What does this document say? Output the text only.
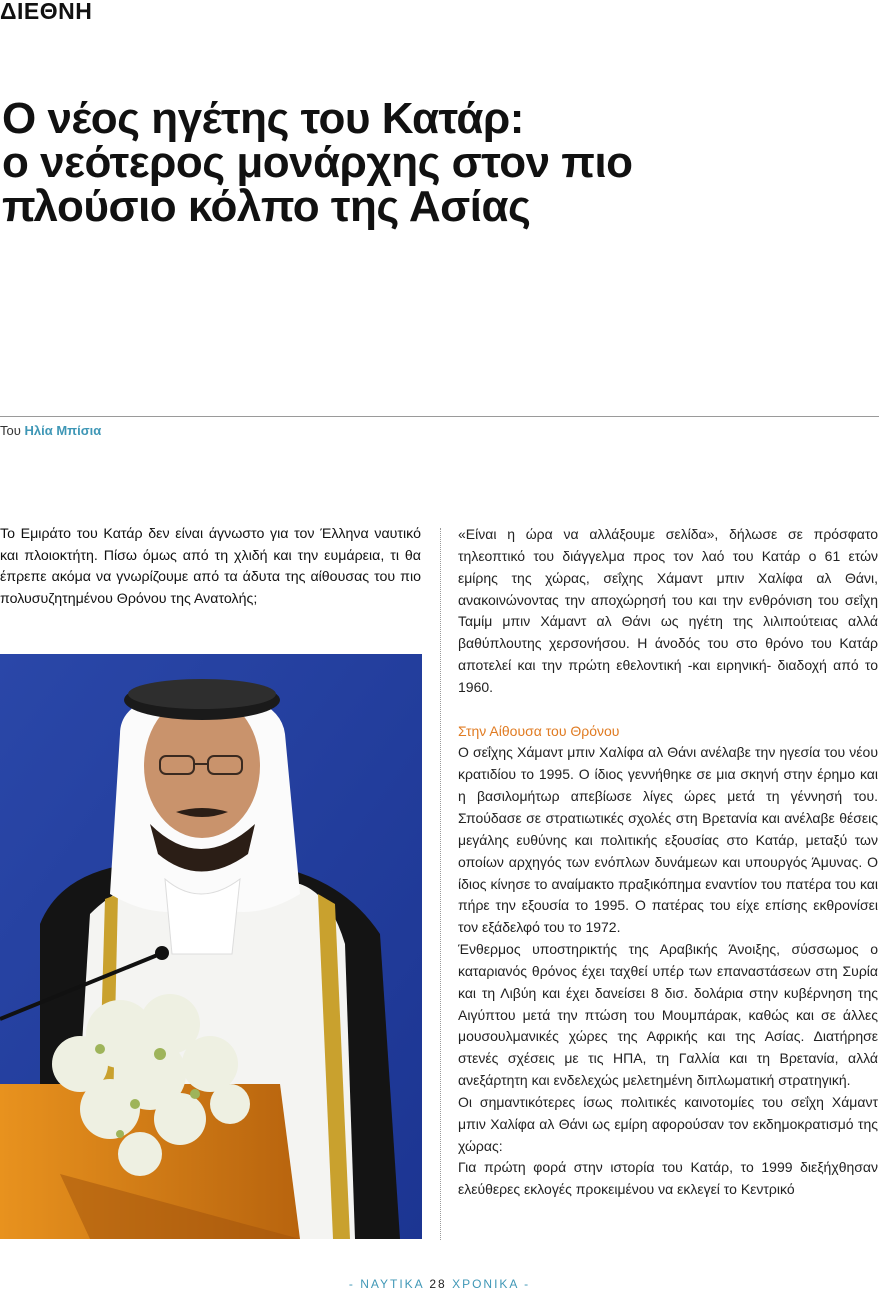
ΔΙΕΘΝΗ
Ο νέος ηγέτης του Κατάρ:
ο νεότερος μονάρχης στον πιο
πλούσιο κόλπο της Ασίας
Του Ηλία Μπίσια

Το Εμιράτο του Κατάρ δεν είναι άγνωστο για τον Έλληνα ναυτικό και πλοιοκτήτη. Πίσω όμως από τη χλιδή και την ευμάρεια, τι θα έπρεπε ακόμα να γνωρίζουμε από τα άδυτα της αίθουσας του πιο πολυσυζητημένου Θρόνου της Ανατολής;

«Είναι η ώρα να αλλάξουμε σελίδα», δήλωσε σε πρόσφατο τηλεοπτικό του διάγγελμα προς τον λαό του Κατάρ ο 61 ετών εμίρης της χώρας, σεΐχης Χάμαντ μπιν Χαλίφα αλ Θάνι, ανακοινώνοντας την αποχώρησή του και την ενθρόνιση του σεΐχη Ταμίμ μπιν Χάμαντ αλ Θάνι ως ηγέτη της λιλιπούτειας αλλά βαθύπλουτης χερσονήσου. Η άνοδός του στο θρόνο του Κατάρ αποτελεί και την πρώτη εθελοντική -και ειρηνική- διαδοχή από το 1960.

Στην Αίθουσα του Θρόνου

Ο σεΐχης Χάμαντ μπιν Χαλίφα αλ Θάνι ανέλαβε την ηγεσία του νέου κρατιδίου το 1995. Ο ίδιος γεννήθηκε σε μια σκηνή στην έρημο και η βασιλομήτωρ απεβίωσε λίγες ώρες μετά τη γέννησή του. Σπούδασε σε στρατιωτικές σχολές στη Βρετανία και ανέλαβε θέσεις μεγάλης ευθύνης και πολιτικής εξουσίας στο Κατάρ, μεταξύ των οποίων αρχηγός των ενόπλων δυνάμεων και υπουργός Άμυνας. Ο ίδιος κίνησε το αναίμακτο πραξικόπημα εναντίον του πατέρα του και πήρε την εξουσία το 1995. Ο πατέρας του είχε επίσης εκθρονίσει τον εξάδελφό του το 1972.

Ένθερμος υποστηρικτής της Αραβικής Άνοιξης, σύσσωμος ο καταριανός θρόνος έχει ταχθεί υπέρ των επαναστάσεων στη Συρία και τη Λιβύη και έχει δανείσει 8 δισ. δολάρια στην κυβέρνηση της Αιγύπτου μετά την πτώση του Μουμπάρακ, καθώς και σε άλλες μουσουλμανικές χώρες της Αφρικής και της Ασίας. Διατήρησε στενές σχέσεις με τις ΗΠΑ, τη Γαλλία και τη Βρετανία, αλλά ανεξάρτητη και ενδελεχώς μελετημένη διπλωματική στρατηγική.

Οι σημαντικότερες ίσως πολιτικές καινοτομίες του σεΐχη Χάμαντ μπιν Χαλίφα αλ Θάνι ως εμίρη αφορούσαν τον εκδημοκρατισμό της χώρας:

Για πρώτη φορά στην ιστορία του Κατάρ, το 1999 διεξήχθησαν ελεύθερες εκλογές προκειμένου να εκλεγεί το Κεντρικό

- ΝΑΥΤΙΚΑ 28 ΧΡΟΝΙΚΑ -
